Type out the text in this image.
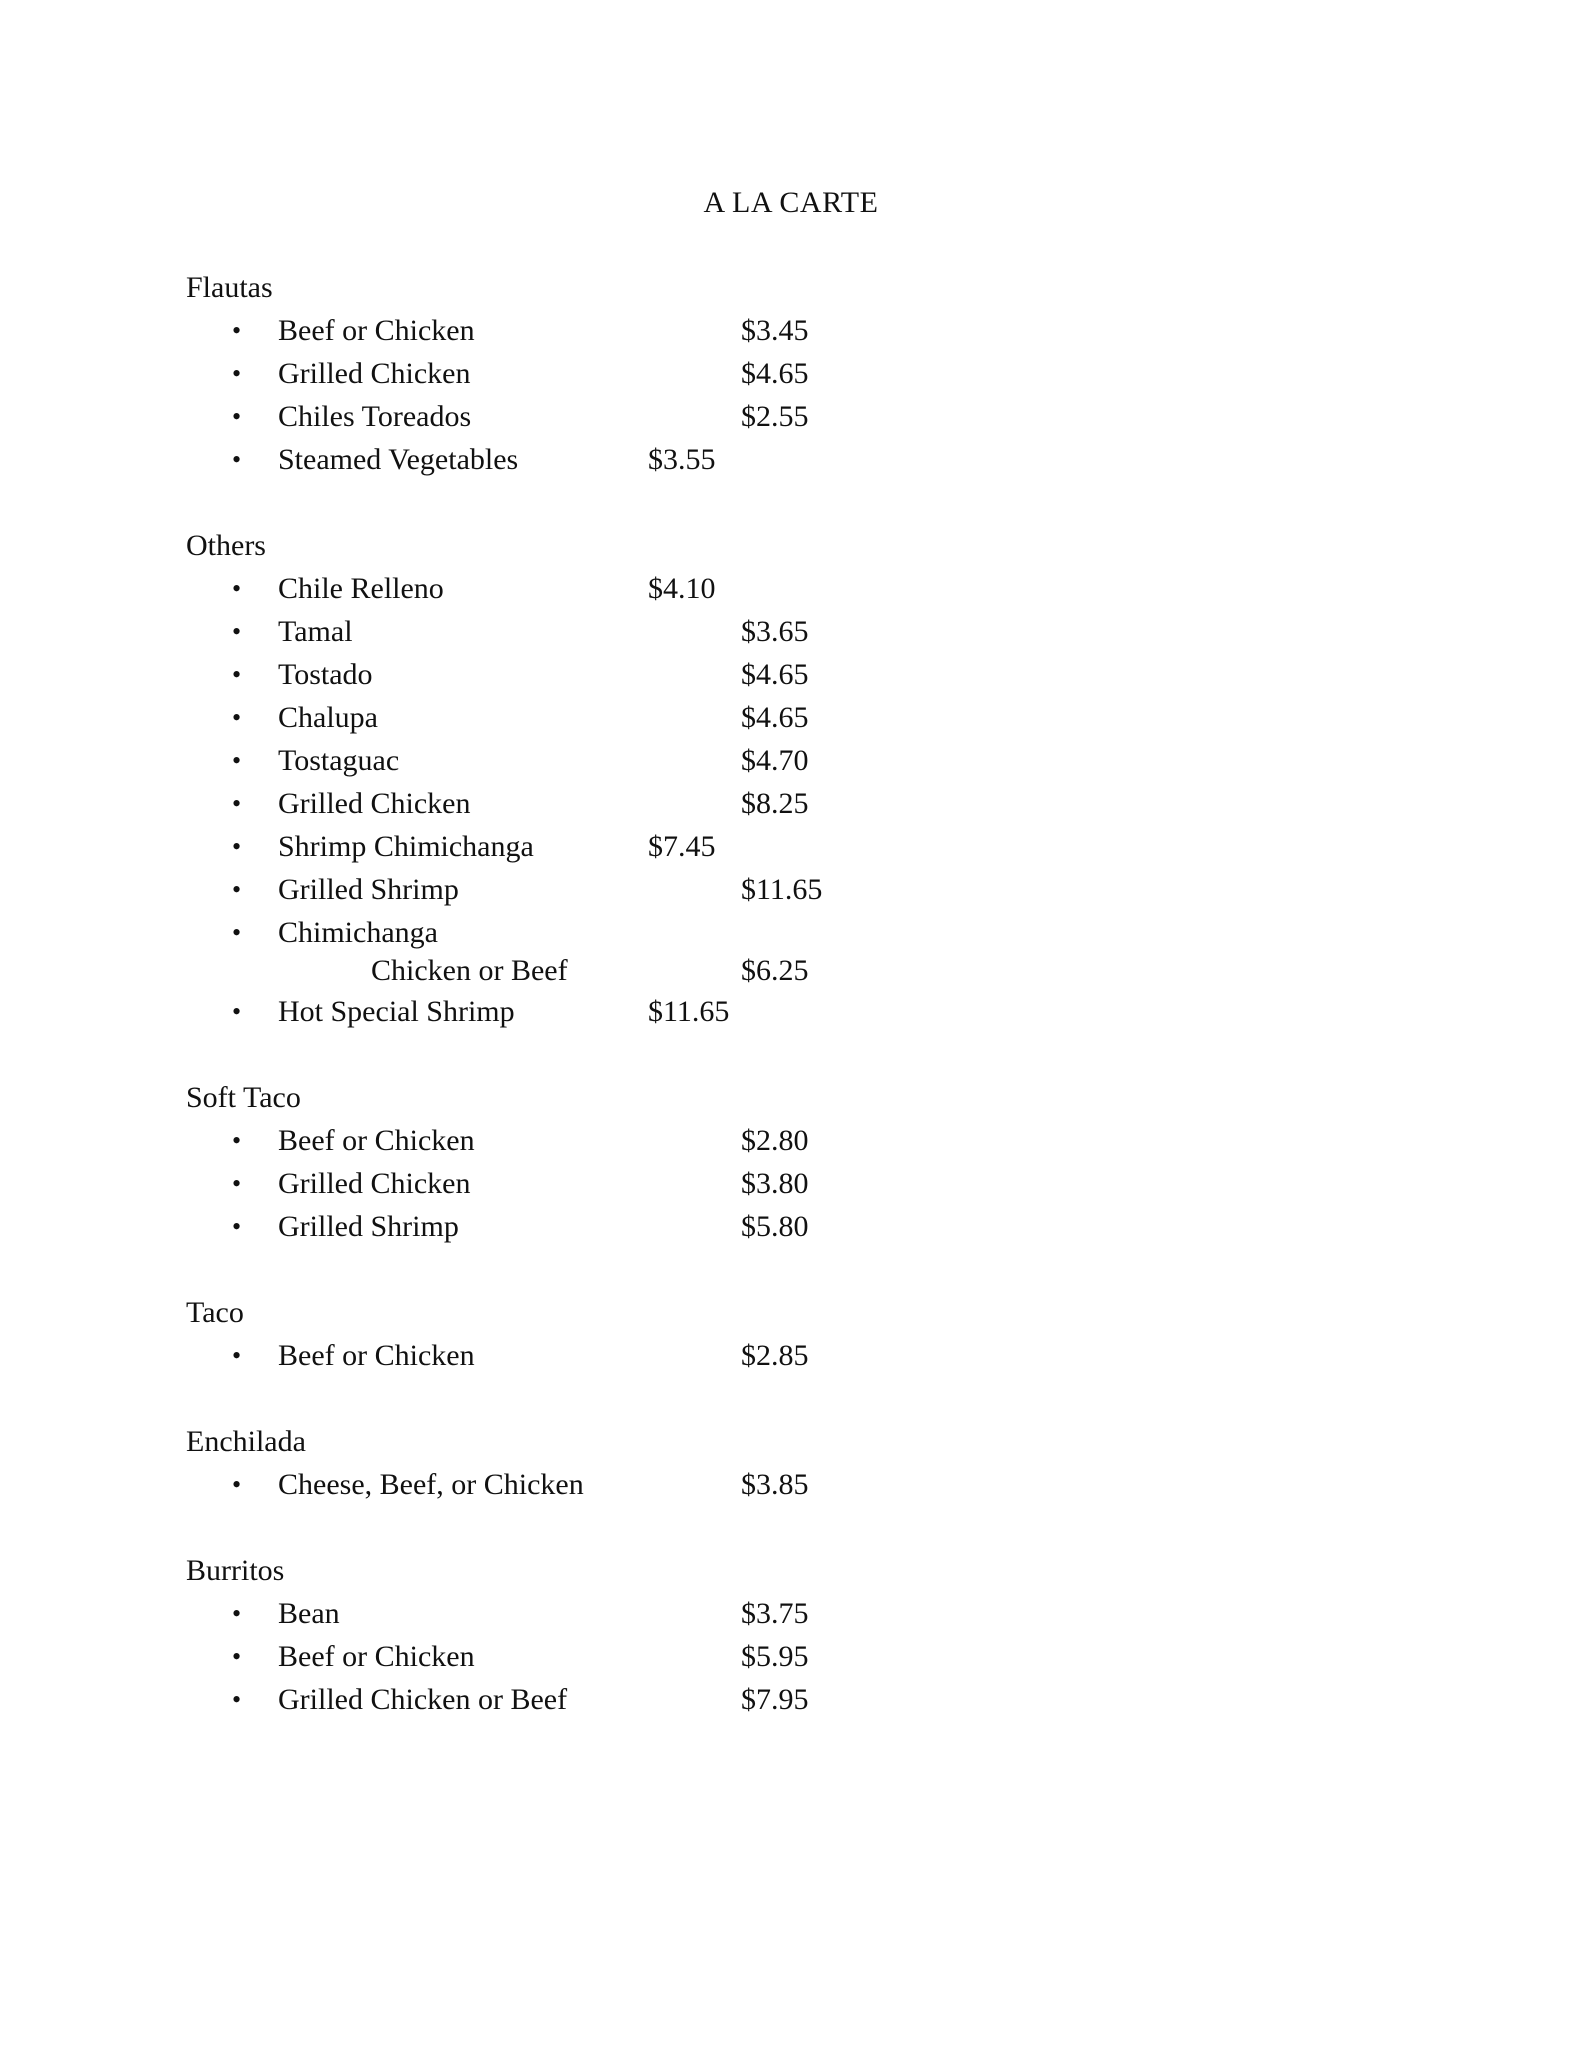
A LA CARTE
Flautas
• Beef or Chicken	$3.45
• Grilled Chicken	$4.65
• Chiles Toreados	$2.55
• Steamed Vegetables	$3.55
Others
• Chile Relleno	$4.10
• Tamal	$3.65
• Tostado	$4.65
• Chalupa	$4.65
• Tostaguac	$4.70
• Grilled Chicken	$8.25
• Shrimp Chimichanga	$7.45
• Grilled Shrimp	$11.65
• Chimichanga
Chicken or Beef	$6.25
• Hot Special Shrimp	$11.65
Soft Taco
• Beef or Chicken	$2.80
• Grilled Chicken	$3.80
• Grilled Shrimp	$5.80
Taco
• Beef or Chicken	$2.85
Enchilada
• Cheese, Beef, or Chicken	$3.85
Burritos
• Bean	$3.75
• Beef or Chicken	$5.95
• Grilled Chicken or Beef	$7.95
